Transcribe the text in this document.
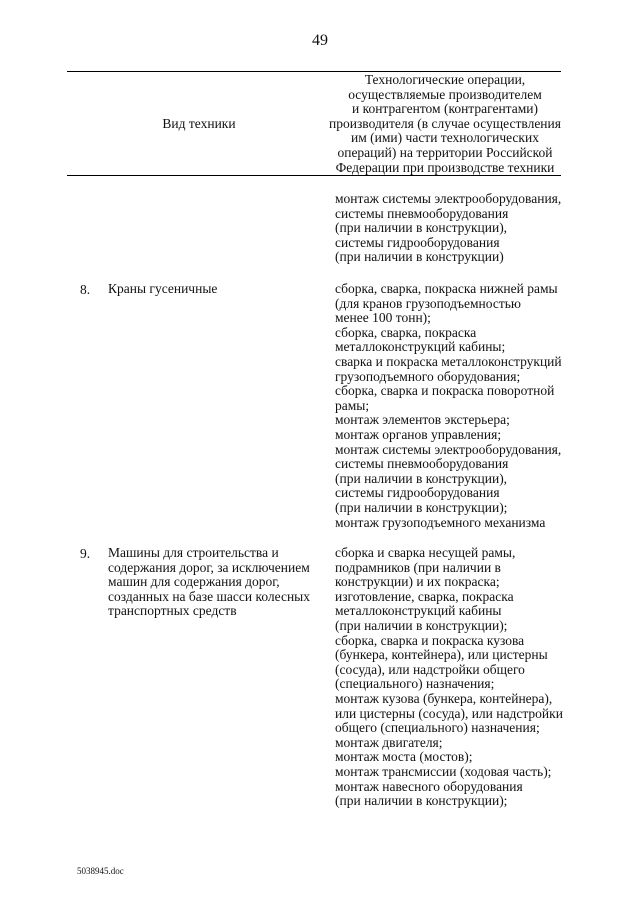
49
Вид техники
Технологические операции,
осуществляемые производителем
и контрагентом (контрагентами)
производителя (в случае осуществления
им (ими) части технологических
операций) на территории Российской
Федерации при производстве техники
монтаж системы электрооборудования,
системы пневмооборудования
(при наличии в конструкции),
системы гидрооборудования
(при наличии в конструкции)
8. Краны гусеничные	сборка, сварка, покраска нижней рамы
(для кранов грузоподъемностью
менее 100 тонн);
сборка, сварка, покраска
металлоконструкций кабины;
сварка и покраска металлоконструкций
грузоподъемного оборудования;
сборка, сварка и покраска поворотной
рамы;
монтаж элементов экстерьера;
монтаж органов управления;
монтаж системы электрооборудования,
системы пневмооборудования
(при наличии в конструкции),
системы гидрооборудования
(при наличии в конструкции);
монтаж грузоподъемного механизма
9. Машины для строительства и
содержания дорог, за исключением
машин для содержания дорог,
созданных на базе шасси колесных
транспортных средств
сборка и сварка несущей рамы,
подрамников (при наличии в
конструкции) и их покраска;
изготовление, сварка, покраска
металлоконструкций кабины
(при наличии в конструкции);
сборка, сварка и покраска кузова
(бункера, контейнера), или цистерны
(сосуда), или надстройки общего
(специального) назначения;
монтаж кузова (бункера, контейнера),
или цистерны (сосуда), или надстройки
общего (специального) назначения;
монтаж двигателя;
монтаж моста (мостов);
монтаж трансмиссии (ходовая часть);
монтаж навесного оборудования
(при наличии в конструкции);
5038945.doc
